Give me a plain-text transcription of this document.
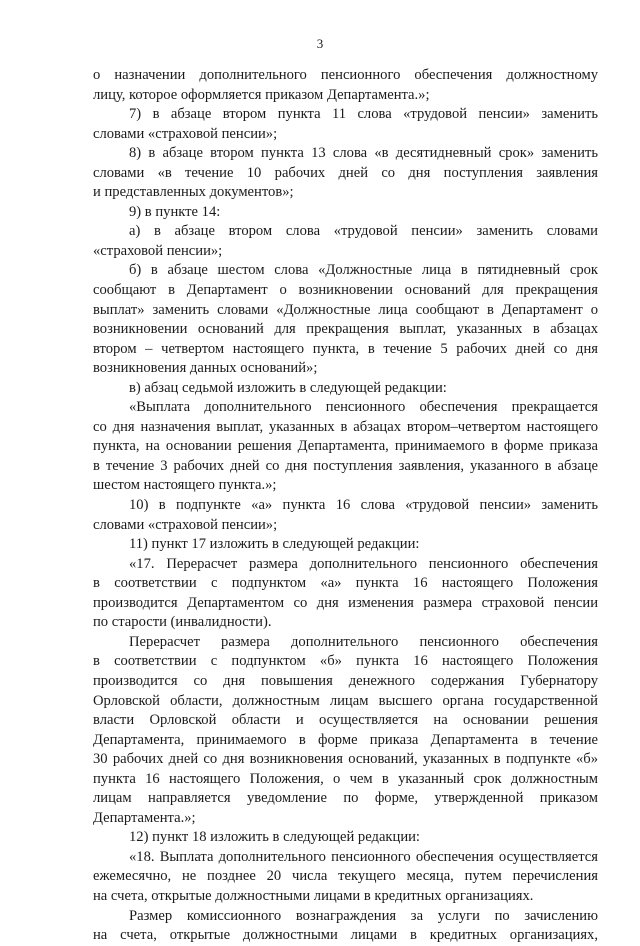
3
о назначении дополнительного пенсионного обеспечения должностному
лицу, которое оформляется приказом Департамента.»;
7) в абзаце втором пункта 11 слова «трудовой пенсии» заменить
словами «страховой пенсии»;
8) в абзаце втором пункта 13 слова «в десятидневный срок» заменить
словами «в течение 10 рабочих дней со дня поступления заявления
и представленных документов»;
9) в пункте 14:
а) в абзаце втором слова «трудовой пенсии» заменить словами
«страховой пенсии»;
б) в абзаце шестом слова «Должностные лица в пятидневный срок
сообщают в Департамент о возникновении оснований для прекращения
выплат» заменить словами «Должностные лица сообщают в Департамент о
возникновении оснований для прекращения выплат, указанных в абзацах
втором – четвертом настоящего пункта, в течение 5 рабочих дней со дня
возникновения данных оснований»;
в) абзац седьмой изложить в следующей редакции:
«Выплата дополнительного пенсионного обеспечения прекращается
со дня назначения выплат, указанных в абзацах втором–четвертом настоящего
пункта, на основании решения Департамента, принимаемого в форме приказа
в течение 3 рабочих дней со дня поступления заявления, указанного в абзаце
шестом настоящего пункта.»;
10) в подпункте «а» пункта 16 слова «трудовой пенсии» заменить
словами «страховой пенсии»;
11) пункт 17 изложить в следующей редакции:
«17. Перерасчет размера дополнительного пенсионного обеспечения
в соответствии с подпунктом «а» пункта 16 настоящего Положения
производится Департаментом со дня изменения размера страховой пенсии
по старости (инвалидности).
Перерасчет размера дополнительного пенсионного обеспечения
в соответствии с подпунктом «б» пункта 16 настоящего Положения
производится со дня повышения денежного содержания Губернатору
Орловской области, должностным лицам высшего органа государственной
власти Орловской области и осуществляется на основании решения
Департамента, принимаемого в форме приказа Департамента в течение
30 рабочих дней со дня возникновения оснований, указанных в подпункте «б»
пункта 16 настоящего Положения, о чем в указанный срок должностным
лицам направляется уведомление по форме, утвержденной приказом
Департамента.»;
12) пункт 18 изложить в следующей редакции:
«18. Выплата дополнительного пенсионного обеспечения осуществляется
ежемесячно, не позднее 20 числа текущего месяца, путем перечисления
на счета, открытые должностными лицами в кредитных организациях.
Размер комиссионного вознаграждения за услуги по зачислению
на счета, открытые должностными лицами в кредитных организациях,
